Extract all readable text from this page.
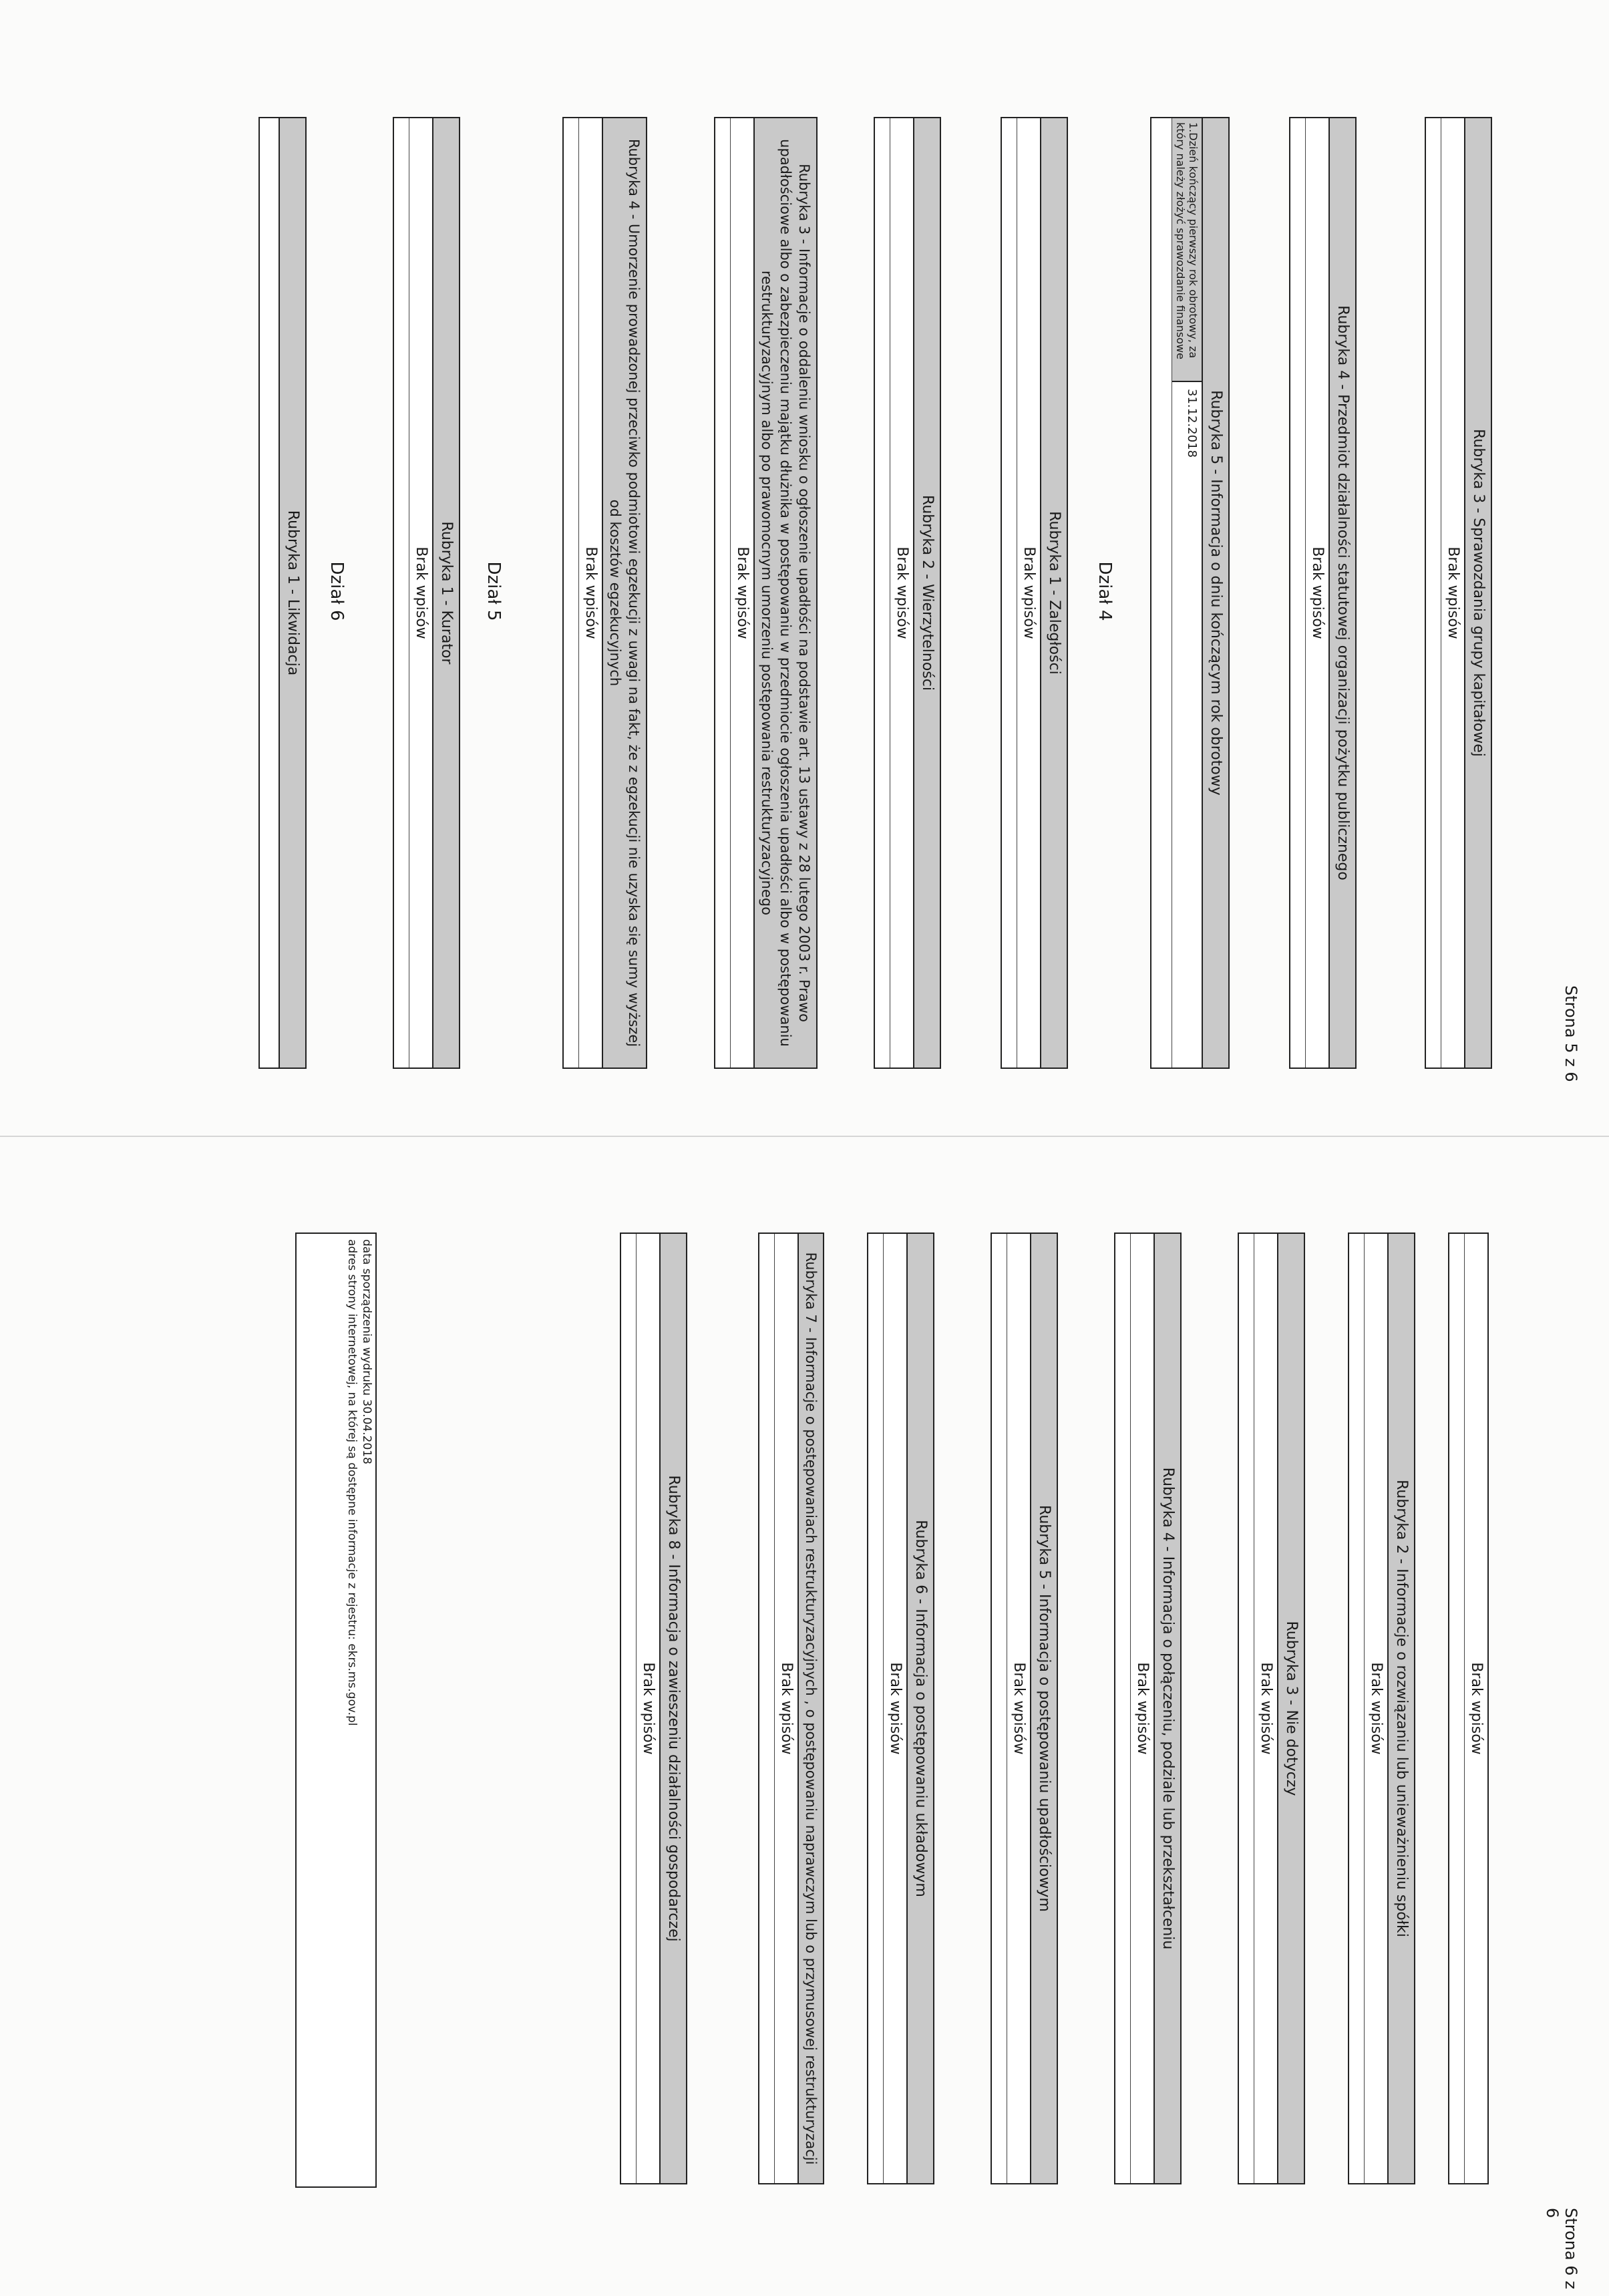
Strona 5 z 6
Rubryka 3 - Sprawozdania grupy kapitałowej
Brak wpisów
Rubryka 4 - Przedmiot działalności statutowej organizacji pożytku publicznego
Brak wpisów
Rubryka 5 - Informacja o dniu kończącym rok obrotowy
1.Dzień kończący pierwszy rok obrotowy, za który należy złożyć sprawozdanie finansowe
31.12.2018
Dział 4
Rubryka 1 - Zaległości
Brak wpisów
Rubryka 2 - Wierzytelności
Brak wpisów
Rubryka 3 - Informacje o oddaleniu wniosku o ogłoszenie upadłości na podstawie art. 13 ustawy z 28 lutego 2003 r. Prawo upadłościowe albo o zabezpieczeniu majątku dłużnika w postępowaniu w przedmiocie ogłoszenia upadłości albo w postępowaniu restrukturyzacyjnym albo po prawomocnym umorzeniu postępowania restrukturyzacyjnego
Brak wpisów
Rubryka 4 - Umorzenie prowadzonej przeciwko podmiotowi egzekucji z uwagi na fakt, że z egzekucji nie uzyska się sumy wyższej od kosztów egzekucyjnych
Brak wpisów
Dział 5
Rubryka 1 - Kurator
Brak wpisów
Dział 6
Rubryka 1 - Likwidacja
Strona 6 z 6
Brak wpisów
Rubryka 2 - Informacje o rozwiązaniu lub unieważnieniu spółki
Brak wpisów
Rubryka 3 - Nie dotyczy
Brak wpisów
Rubryka 4 - Informacja o połączeniu, podziale lub przekształceniu
Brak wpisów
Rubryka 5 - Informacja o postępowaniu upadłościowym
Brak wpisów
Rubryka 6 - Informacja o postępowaniu układowym
Brak wpisów
Rubryka 7 - Informacje o postępowaniach restrukturyzacyjnych , o postępowaniu naprawczym lub o przymusowej restrukturyzacji
Brak wpisów
Rubryka 8 - Informacja o zawieszeniu działalności gospodarczej
Brak wpisów
data sporządzenia wydruku 30.04.2018
adres strony internetowej, na której są dostępne informacje z rejestru: ekrs.ms.gov.pl
